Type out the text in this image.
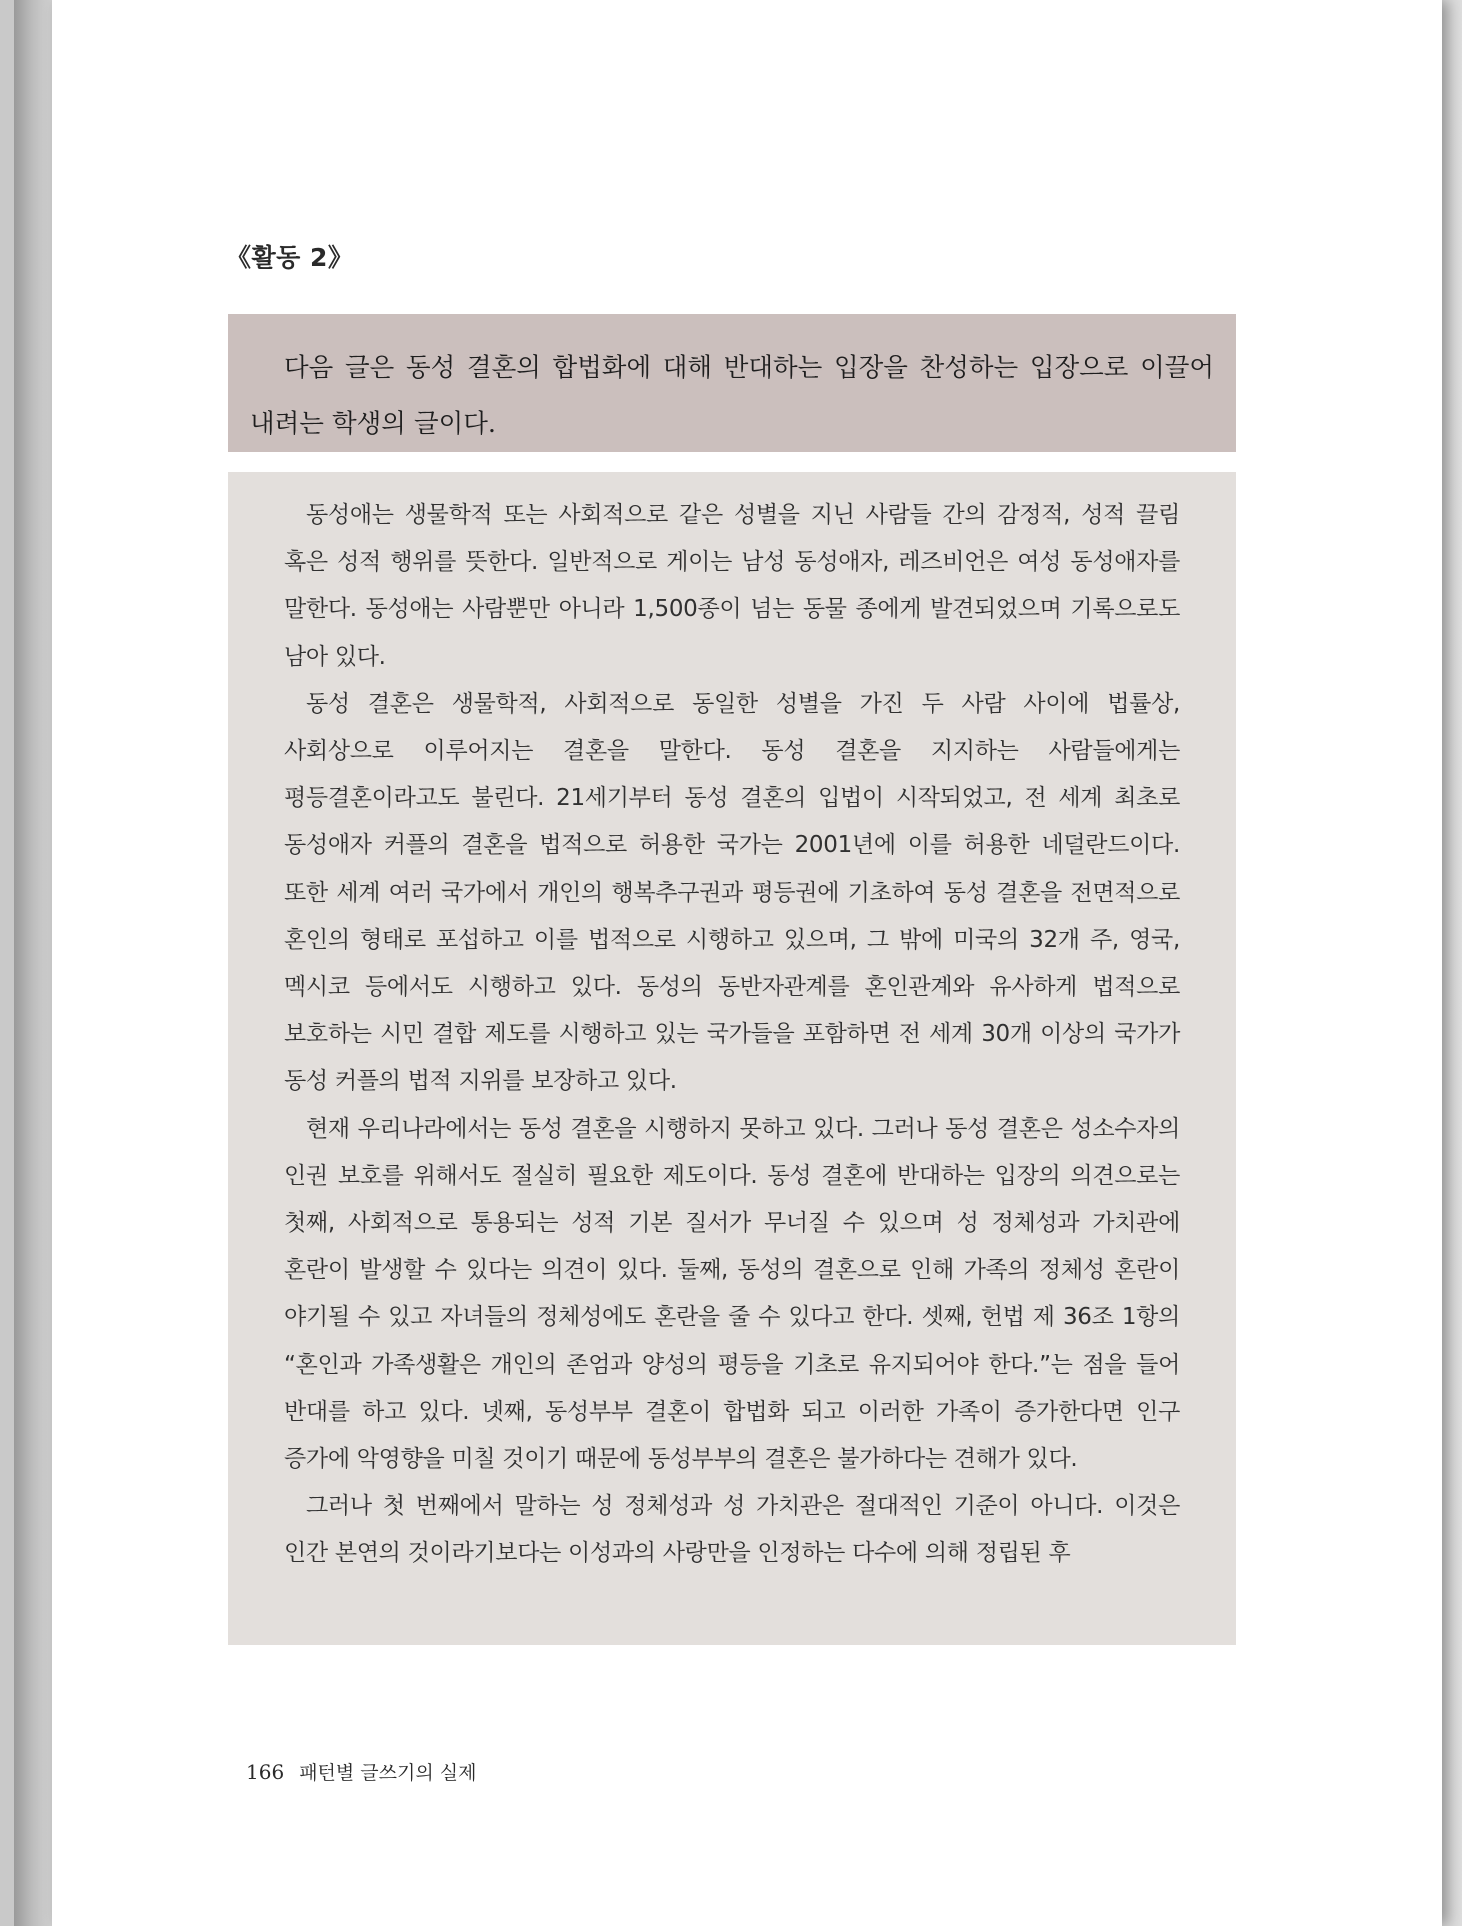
《활동 2》

다음 글은 동성 결혼의 합법화에 대해 반대하는 입장을 찬성하는 입장으로 이끌어 내려는 학생의 글이다.

동성애는 생물학적 또는 사회적으로 같은 성별을 지닌 사람들 간의 감정적, 성적 끌림 혹은 성적 행위를 뜻한다. 일반적으로 게이는 남성 동성애자, 레즈비언은 여성 동성애자를 말한다. 동성애는 사람뿐만 아니라 1,500종이 넘는 동물 종에게 발견되었으며 기록으로도 남아 있다.

동성 결혼은 생물학적, 사회적으로 동일한 성별을 가진 두 사람 사이에 법률상, 사회상으로 이루어지는 결혼을 말한다. 동성 결혼을 지지하는 사람들에게는 평등결혼이라고도 불린다. 21세기부터 동성 결혼의 입법이 시작되었고, 전 세계 최초로 동성애자 커플의 결혼을 법적으로 허용한 국가는 2001년에 이를 허용한 네덜란드이다. 또한 세계 여러 국가에서 개인의 행복추구권과 평등권에 기초하여 동성 결혼을 전면적으로 혼인의 형태로 포섭하고 이를 법적으로 시행하고 있으며, 그 밖에 미국의 32개 주, 영국, 멕시코 등에서도 시행하고 있다. 동성의 동반자관계를 혼인관계와 유사하게 법적으로 보호하는 시민 결합 제도를 시행하고 있는 국가들을 포함하면 전 세계 30개 이상의 국가가 동성 커플의 법적 지위를 보장하고 있다.

현재 우리나라에서는 동성 결혼을 시행하지 못하고 있다. 그러나 동성 결혼은 성소수자의 인권 보호를 위해서도 절실히 필요한 제도이다. 동성 결혼에 반대하는 입장의 의견으로는 첫째, 사회적으로 통용되는 성적 기본 질서가 무너질 수 있으며 성 정체성과 가치관에 혼란이 발생할 수 있다는 의견이 있다. 둘째, 동성의 결혼으로 인해 가족의 정체성 혼란이 야기될 수 있고 자녀들의 정체성에도 혼란을 줄 수 있다고 한다. 셋째, 헌법 제 36조 1항의 “혼인과 가족생활은 개인의 존엄과 양성의 평등을 기초로 유지되어야 한다.”는 점을 들어 반대를 하고 있다. 넷째, 동성부부 결혼이 합법화 되고 이러한 가족이 증가한다면 인구 증가에 악영향을 미칠 것이기 때문에 동성부부의 결혼은 불가하다는 견해가 있다.

그러나 첫 번째에서 말하는 성 정체성과 성 가치관은 절대적인 기준이 아니다. 이것은 인간 본연의 것이라기보다는 이성과의 사랑만을 인정하는 다수에 의해 정립된 후

166 패턴별 글쓰기의 실제
